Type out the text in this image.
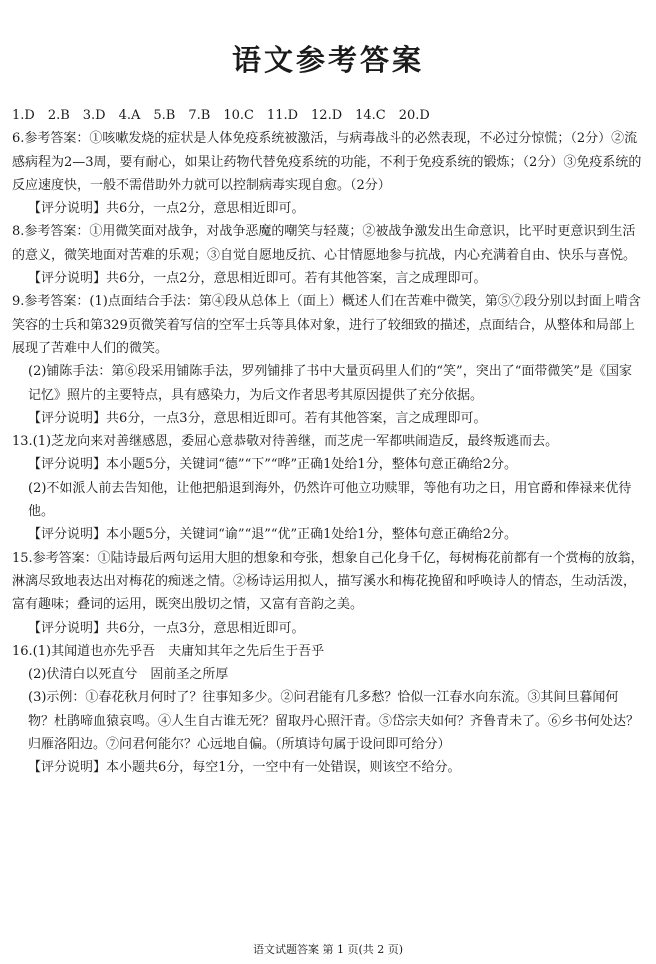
语文参考答案

1.D　2.B　3.D　4.A　5.B　7.B　10.C　11.D　12.D　14.C　20.D

6.参考答案：①咳嗽发烧的症状是人体免疫系统被激活，与病毒战斗的必然表现，不必过分惊慌；（2分）②流感病程为2—3周，要有耐心，如果让药物代替免疫系统的功能，不利于免疫系统的锻炼；（2分）③免疫系统的反应速度快，一般不需借助外力就可以控制病毒实现自愈。（2分）

【评分说明】共6分，一点2分，意思相近即可。

8.参考答案：①用微笑面对战争，对战争恶魔的嘲笑与轻蔑；②被战争激发出生命意识，比平时更意识到生活的意义，微笑地面对苦难的乐观；③自觉自愿地反抗、心甘情愿地参与抗战，内心充满着自由、快乐与喜悦。

【评分说明】共6分，一点2分，意思相近即可。若有其他答案，言之成理即可。

9.参考答案：(1)点面结合手法：第④段从总体上（面上）概述人们在苦难中微笑，第⑤⑦段分别以封面上啃含笑容的士兵和第329页微笑着写信的空军士兵等具体对象，进行了较细致的描述，点面结合，从整体和局部上展现了苦难中人们的微笑。

(2)铺陈手法：第⑥段采用铺陈手法，罗列铺排了书中大量页码里人们的“笑”，突出了“面带微笑”是《国家记忆》照片的主要特点，具有感染力，为后文作者思考其原因提供了充分依据。

【评分说明】共6分，一点3分，意思相近即可。若有其他答案，言之成理即可。

13.(1)芝龙向来对善继感恩，委屈心意恭敬对待善继，而芝虎一军都哄闹造反，最终叛逃而去。

【评分说明】本小题5分，关键词“德”“下”“哗”正确1处给1分，整体句意正确给2分。

(2)不如派人前去告知他，让他把船退到海外，仍然许可他立功赎罪，等他有功之日，用官爵和俸禄来优待他。

【评分说明】本小题5分，关键词“谕”“退”“优”正确1处给1分，整体句意正确给2分。

15.参考答案：①陆诗最后两句运用大胆的想象和夸张，想象自己化身千亿，每树梅花前都有一个赏梅的放翁，淋漓尽致地表达出对梅花的痴迷之情。②杨诗运用拟人，描写溪水和梅花挽留和呼唤诗人的情态，生动活泼，富有趣味；叠词的运用，既突出殷切之情，又富有音韵之美。

【评分说明】共6分，一点3分，意思相近即可。

16.(1)其闻道也亦先乎吾　夫庸知其年之先后生于吾乎

(2)伏清白以死直兮　固前圣之所厚

(3)示例：①春花秋月何时了？往事知多少。②问君能有几多愁？恰似一江春水向东流。③其间旦暮闻何物？杜鹃啼血猿哀鸣。④人生自古谁无死？留取丹心照汗青。⑤岱宗夫如何？齐鲁青未了。⑥乡书何处达？归雁洛阳边。⑦问君何能尔？心远地自偏。（所填诗句属于设问即可给分）

【评分说明】本小题共6分，每空1分，一空中有一处错误，则该空不给分。

语文试题答案 第 1 页(共 2 页)
